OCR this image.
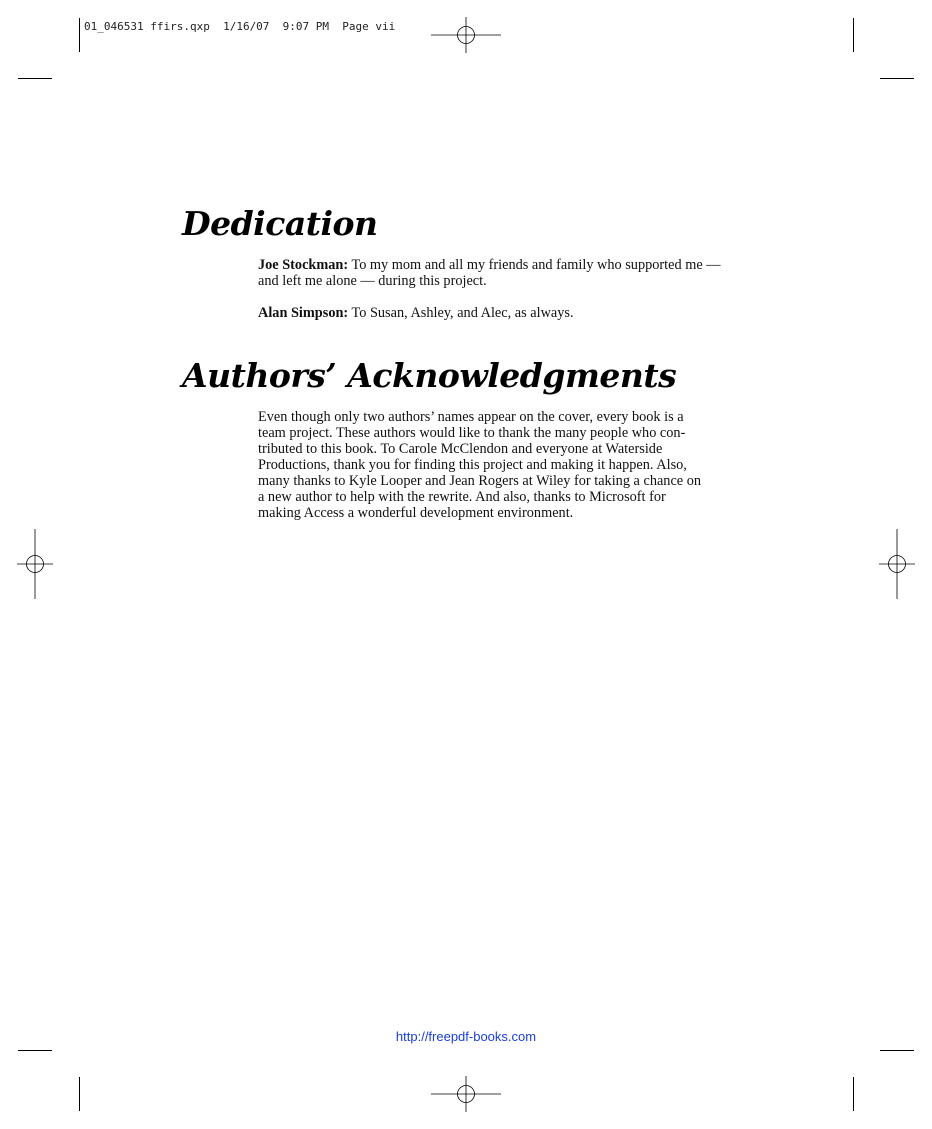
01_046531 ffirs.qxp  1/16/07  9:07 PM  Page vii
Dedication

Joe Stockman: To my mom and all my friends and family who supported me —
and left me alone — during this project.

Alan Simpson: To Susan, Ashley, and Alec, as always.

Authors’ Acknowledgments

Even though only two authors’ names appear on the cover, every book is a
team project. These authors would like to thank the many people who con-
tributed to this book. To Carole McClendon and everyone at Waterside
Productions, thank you for finding this project and making it happen. Also,
many thanks to Kyle Looper and Jean Rogers at Wiley for taking a chance on
a new author to help with the rewrite. And also, thanks to Microsoft for
making Access a wonderful development environment.

http://freepdf-books.com
